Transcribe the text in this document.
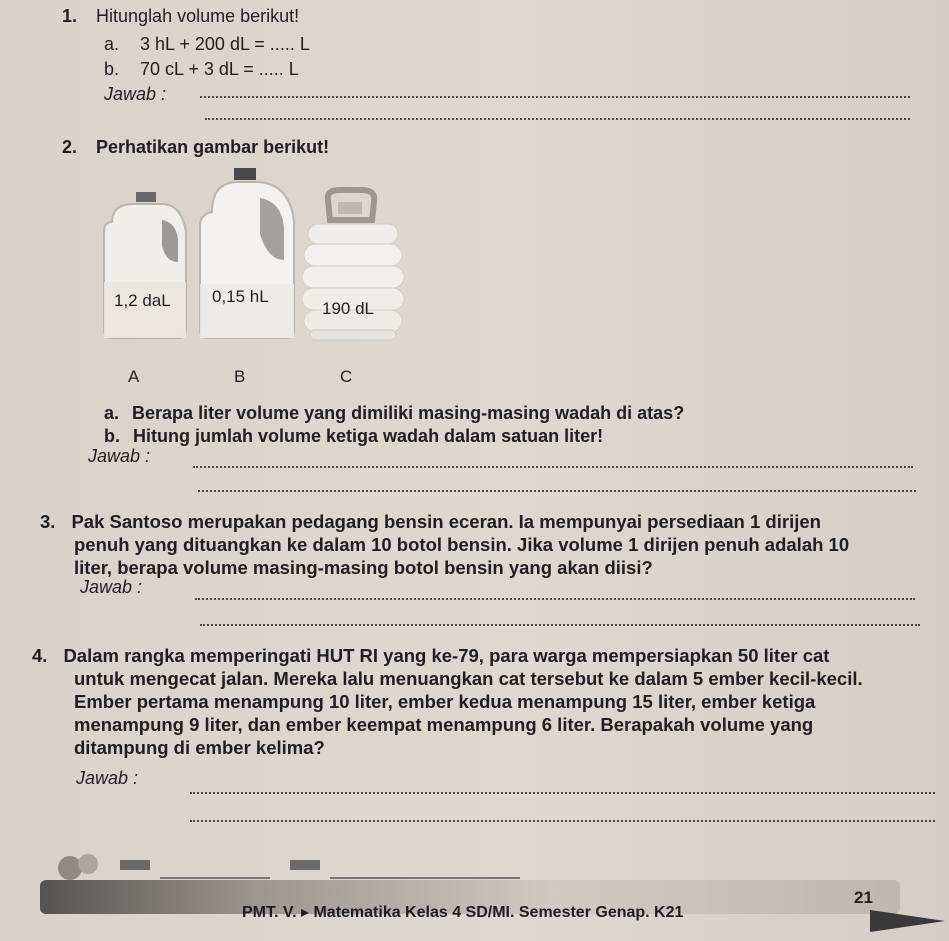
1. Hitunglah volume berikut!
a. 3 hL + 200 dL = ..... L
b. 70 cL + 3 dL = ..... L
Jawab :
2. Perhatikan gambar berikut!
1,2 daL 0,15 hL
190 dL
A	B	C
a. Berapa liter volume yang dimiliki masing-masing wadah di atas?
b. Hitung jumlah volume ketiga wadah dalam satuan liter!
Jawab :

3. Pak Santoso merupakan pedagang bensin eceran. Ia mempunyai persediaan 1 dirijen

penuh yang dituangkan ke dalam 10 botol bensin. Jika volume 1 dirijen penuh adalah 10

liter, berapa volume masing-masing botol bensin yang akan diisi?

Jawab :

4. Dalam rangka memperingati HUT RI yang ke-79, para warga mempersiapkan 50 liter cat

untuk mengecat jalan. Mereka lalu menuangkan cat tersebut ke dalam 5 ember kecil-kecil.

Ember pertama menampung 10 liter, ember kedua menampung 15 liter, ember ketiga

menampung 9 liter, dan ember keempat menampung 6 liter. Berapakah volume yang

ditampung di ember kelima?

Jawab :
PMT. V. ▸ Matematika Kelas 4 SD/MI. Semester Genap. K21
21
